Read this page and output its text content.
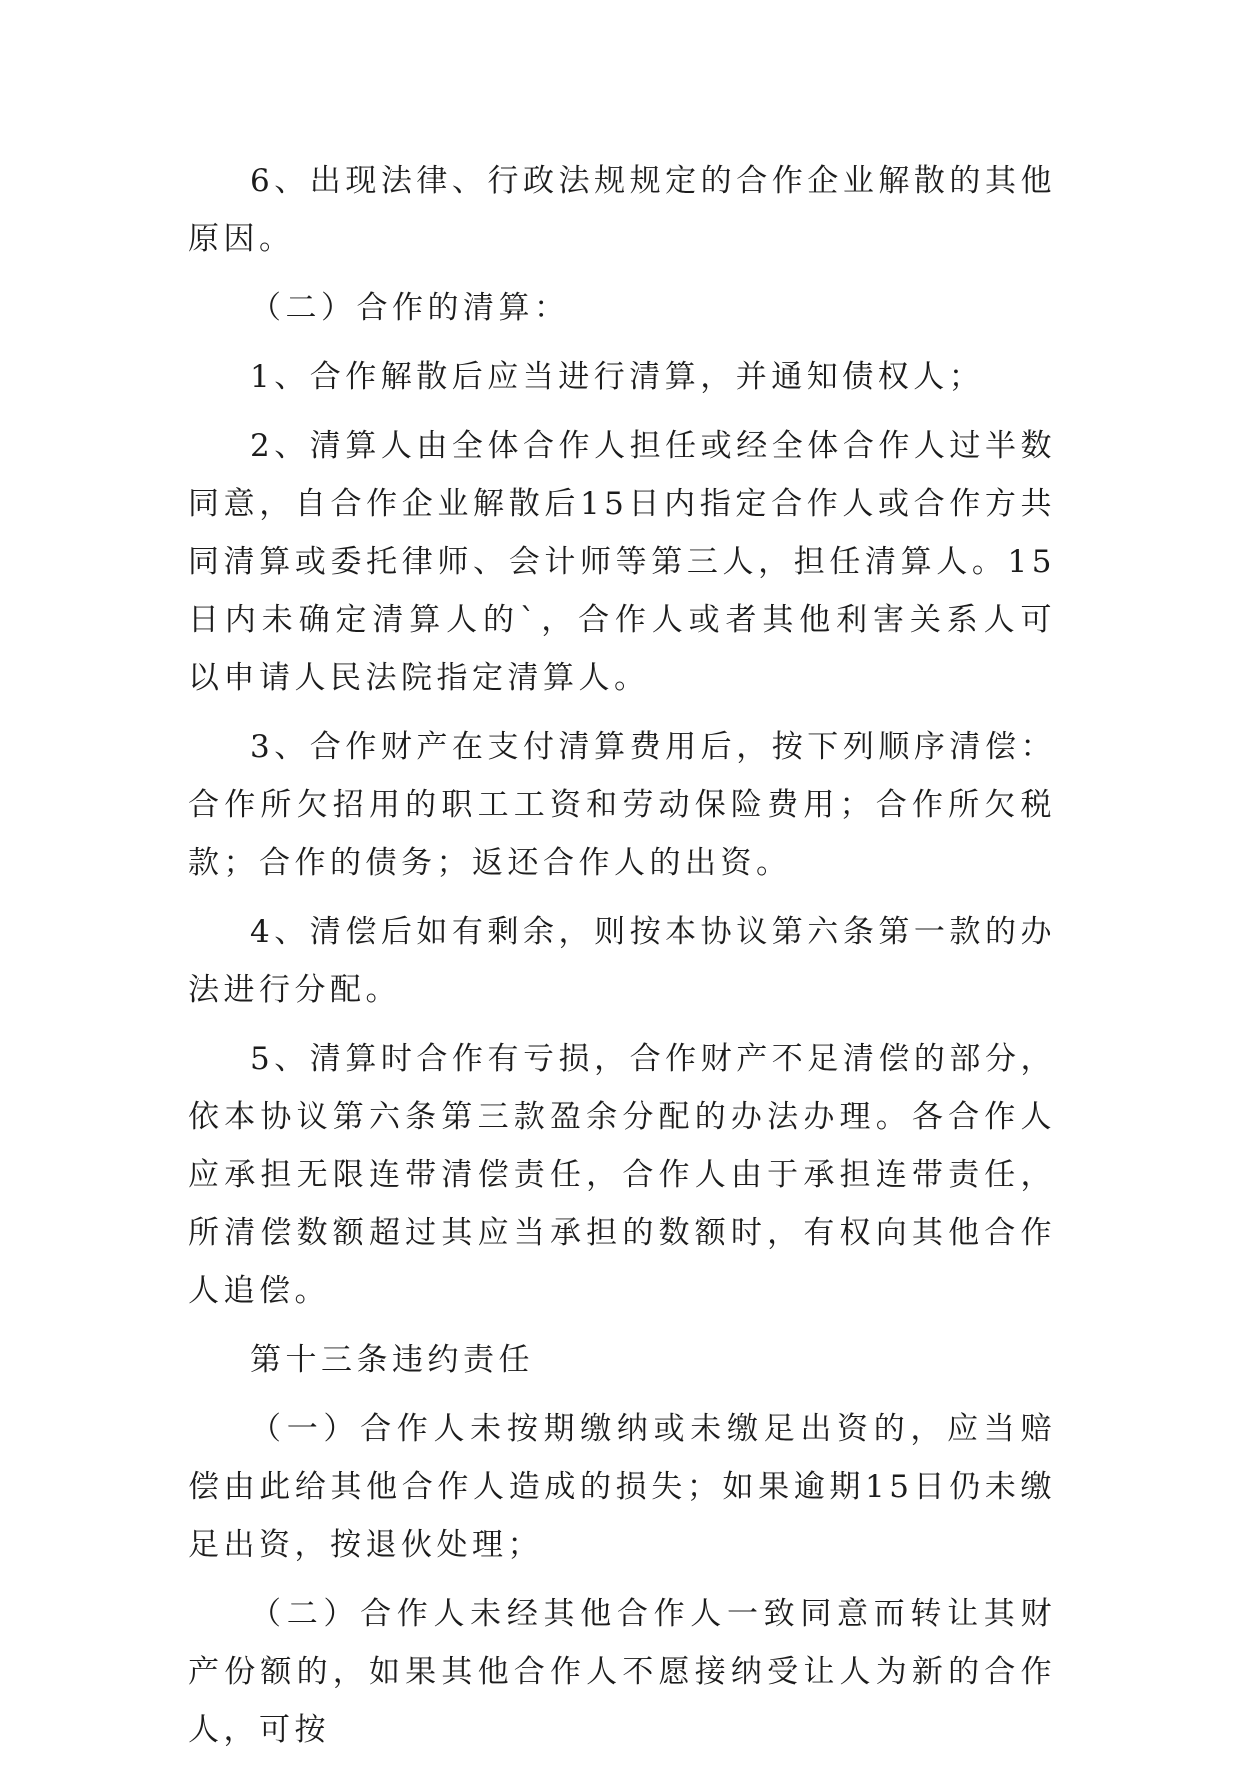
6、出现法律、行政法规规定的合作企业解散的其他原因。

（二）合作的清算：

1、合作解散后应当进行清算，并通知债权人；

2、清算人由全体合作人担任或经全体合作人过半数同意，自合作企业解散后15日内指定合作人或合作方共同清算或委托律师、会计师等第三人，担任清算人。15日内未确定清算人的`，合作人或者其他利害关系人可以申请人民法院指定清算人。

3、合作财产在支付清算费用后，按下列顺序清偿：合作所欠招用的职工工资和劳动保险费用；合作所欠税款；合作的债务；返还合作人的出资。

4、清偿后如有剩余，则按本协议第六条第一款的办法进行分配。

5、清算时合作有亏损，合作财产不足清偿的部分，依本协议第六条第三款盈余分配的办法办理。各合作人应承担无限连带清偿责任，合作人由于承担连带责任，所清偿数额超过其应当承担的数额时，有权向其他合作人追偿。

第十三条违约责任

（一）合作人未按期缴纳或未缴足出资的，应当赔偿由此给其他合作人造成的损失；如果逾期15日仍未缴足出资，按退伙处理；

（二）合作人未经其他合作人一致同意而转让其财产份额的，如果其他合作人不愿接纳受让人为新的合作人，可按
